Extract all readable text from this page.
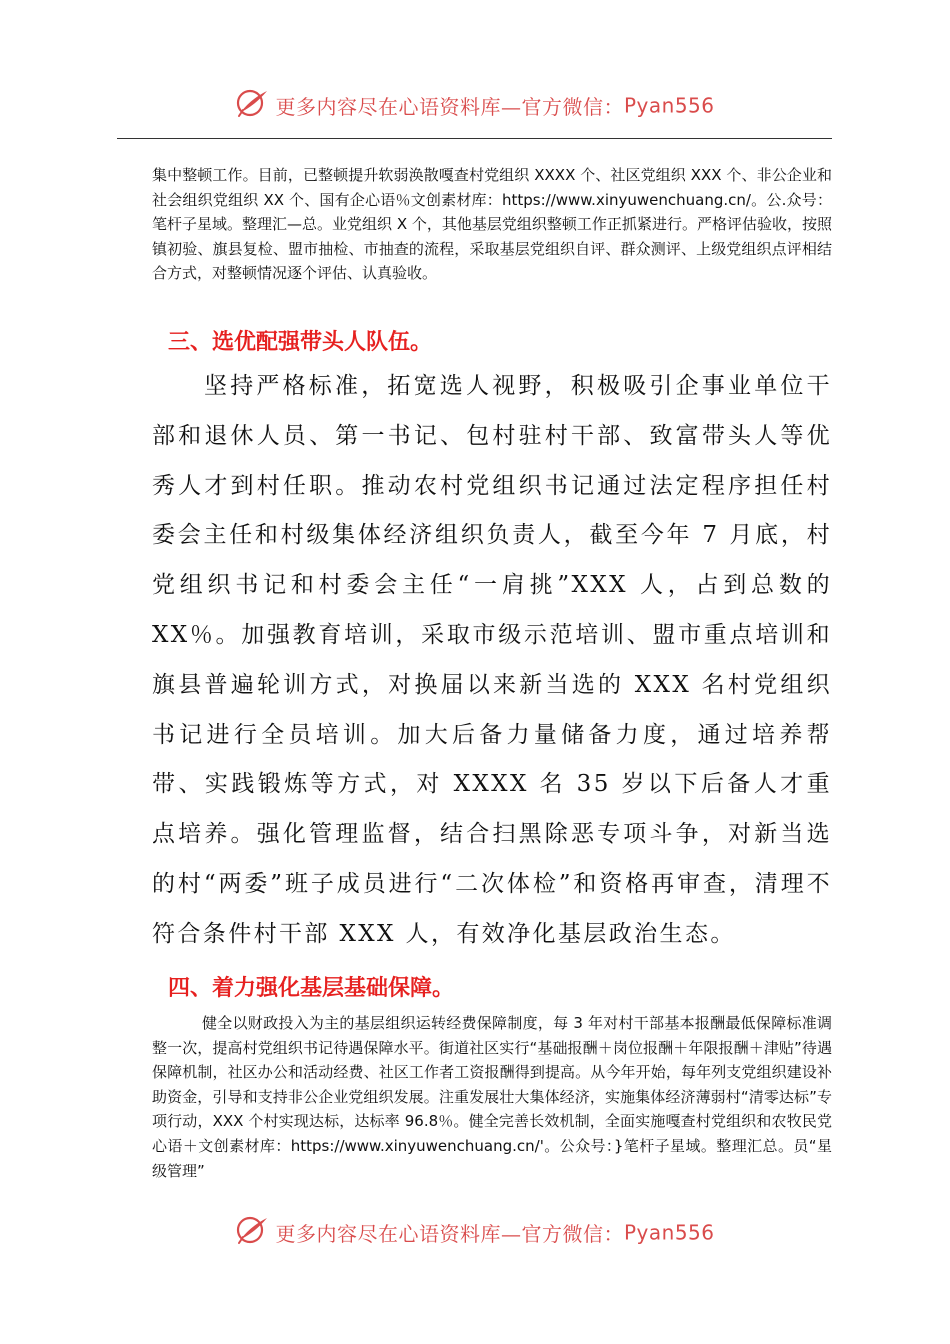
更多内容尽在心语资料库—官方微信：Pyan556
集中整顿工作。目前，已整顿提升软弱涣散嘎查村党组织 XXXX 个、社区党组织 XXX 个、非公企业和社会组织党组织 XX 个、国有企心语％文创素材库：https://www.xinyuwenchuang.cn/。公.众号：笔杆子星域。整理汇—总。业党组织 X 个，其他基层党组织整顿工作正抓紧进行。严格评估验收，按照镇初验、旗县复检、盟市抽检、市抽查的流程，采取基层党组织自评、群众测评、上级党组织点评相结合方式，对整顿情况逐个评估、认真验收。
三、选优配强带头人队伍。
坚持严格标准，拓宽选人视野，积极吸引企事业单位干部和退休人员、第一书记、包村驻村干部、致富带头人等优秀人才到村任职。推动农村党组织书记通过法定程序担任村委会主任和村级集体经济组织负责人，截至今年 7 月底，村党组织书记和村委会主任“一肩挑”XXX 人，占到总数的 XX％。加强教育培训，采取市级示范培训、盟市重点培训和旗县普遍轮训方式，对换届以来新当选的 XXX 名村党组织书记进行全员培训。加大后备力量储备力度，通过培养帮带、实践锻炼等方式，对 XXXX 名 35 岁以下后备人才重点培养。强化管理监督，结合扫黑除恶专项斗争，对新当选的村“两委”班子成员进行“二次体检”和资格再审查，清理不符合条件村干部 XXX 人，有效净化基层政治生态。
四、着力强化基层基础保障。
健全以财政投入为主的基层组织运转经费保障制度，每 3 年对村干部基本报酬最低保障标准调整一次，提高村党组织书记待遇保障水平。街道社区实行“基础报酬＋岗位报酬＋年限报酬＋津贴”待遇保障机制，社区办公和活动经费、社区工作者工资报酬得到提高。从今年开始，每年列支党组织建设补助资金，引导和支持非公企业党组织发展。注重发展壮大集体经济，实施集体经济薄弱村“清零达标”专项行动，XXX 个村实现达标，达标率 96.8％。健全完善长效机制，全面实施嘎查村党组织和农牧民党心语＋文创素材库：https://www.xinyuwenchuang.cn/'。公众号：}笔杆子星域。整理汇总。员“星级管理”
更多内容尽在心语资料库—官方微信：Pyan556
